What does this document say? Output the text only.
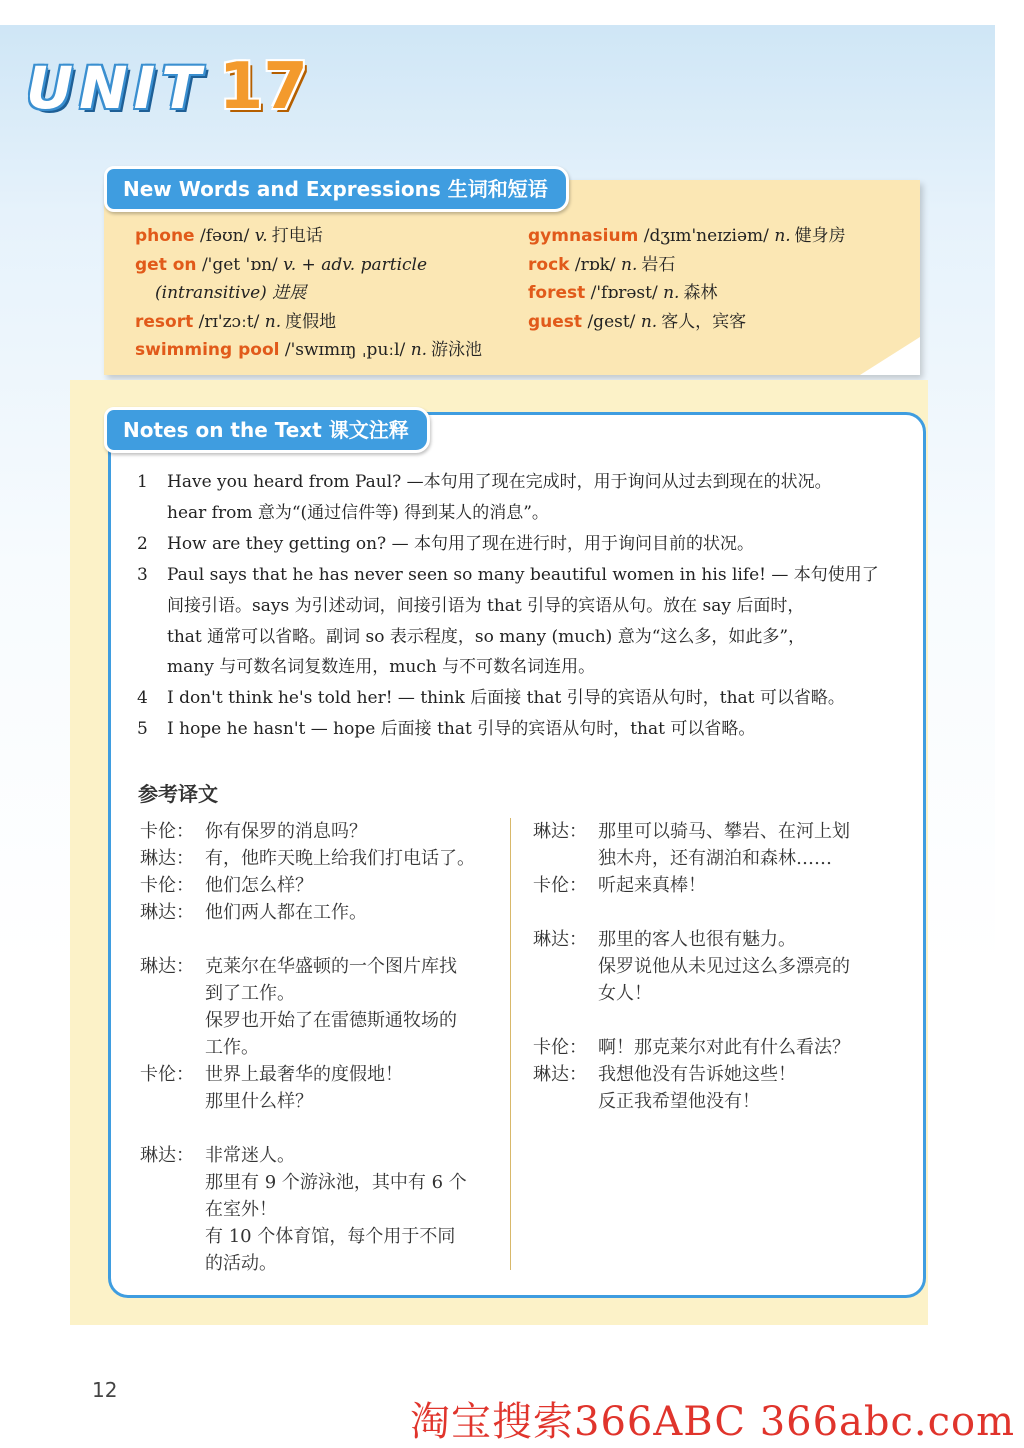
UNIT 17
New Words and Expressions 生词和短语
phone /fəʊn/ v. 打电话
get on /'get 'ɒn/ v. + adv. particle
(intransitive) 进展
resort /rɪ'zɔːt/ n. 度假地
swimming pool /'swɪmɪŋ ˌpuːl/ n. 游泳池
gymnasium /dʒɪm'neɪziəm/ n. 健身房
rock /rɒk/ n. 岩石
forest /'fɒrəst/ n. 森林
guest /gest/ n. 客人，宾客
Notes on the Text 课文注释
1 Have you heard from Paul? —本句用了现在完成时，用于询问从过去到现在的状况。
hear from 意为“(通过信件等) 得到某人的消息”。
2 How are they getting on? — 本句用了现在进行时，用于询问目前的状况。
3 Paul says that he has never seen so many beautiful women in his life! — 本句使用了
间接引语。says 为引述动词，间接引语为 that 引导的宾语从句。放在 say 后面时，
that 通常可以省略。副词 so 表示程度，so many (much) 意为“这么多，如此多”，
many 与可数名词复数连用，much 与不可数名词连用。
4 I don't think he's told her! — think 后面接 that 引导的宾语从句时，that 可以省略。
5 I hope he hasn't — hope 后面接 that 引导的宾语从句时，that 可以省略。
参考译文
卡伦： 你有保罗的消息吗？
琳达： 有，他昨天晚上给我们打电话了。
卡伦： 他们怎么样？
琳达： 他们两人都在工作。
琳达： 克莱尔在华盛顿的一个图片库找
到了工作。
保罗也开始了在雷德斯通牧场的
工作。
卡伦： 世界上最奢华的度假地！
那里什么样？
琳达： 非常迷人。
那里有 9 个游泳池，其中有 6 个
在室外！
有 10 个体育馆，每个用于不同
的活动。
琳达： 那里可以骑马、攀岩、在河上划
独木舟，还有湖泊和森林……
卡伦： 听起来真棒！
琳达： 那里的客人也很有魅力。
保罗说他从未见过这么多漂亮的
女人！
卡伦： 啊！那克莱尔对此有什么看法？
琳达： 我想他没有告诉她这些！
反正我希望他没有！
12
淘宝搜索366ABC 366abc.com
